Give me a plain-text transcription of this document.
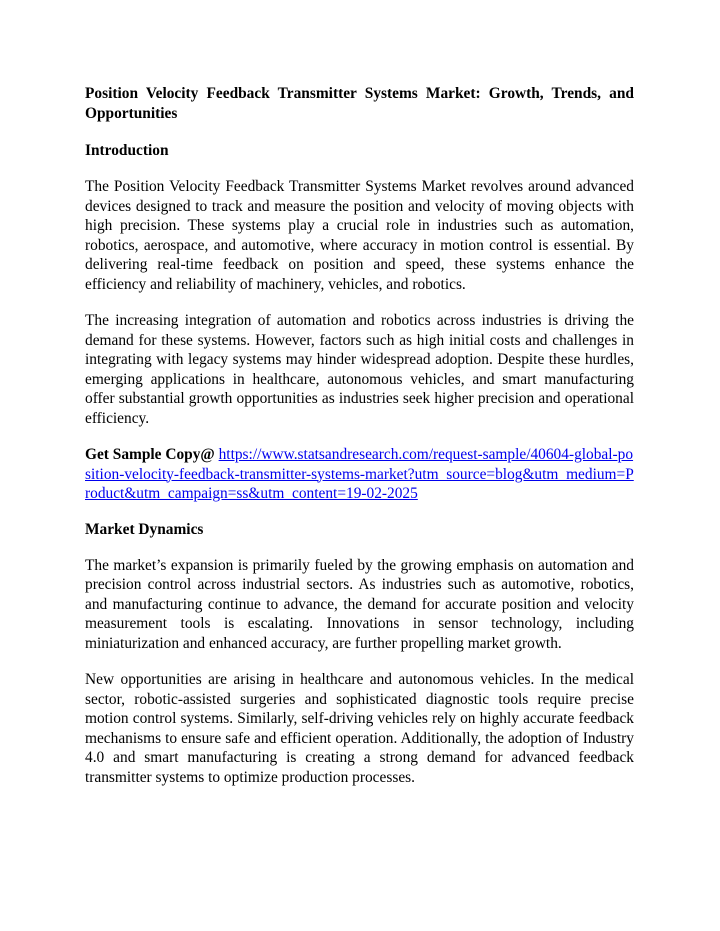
Position Velocity Feedback Transmitter Systems Market: Growth, Trends, and Opportunities
Introduction

The Position Velocity Feedback Transmitter Systems Market revolves around advanced devices designed to track and measure the position and velocity of moving objects with high precision. These systems play a crucial role in industries such as automation, robotics, aerospace, and automotive, where accuracy in motion control is essential. By delivering real-time feedback on position and speed, these systems enhance the efficiency and reliability of machinery, vehicles, and robotics.

The increasing integration of automation and robotics across industries is driving the demand for these systems. However, factors such as high initial costs and challenges in integrating with legacy systems may hinder widespread adoption. Despite these hurdles, emerging applications in healthcare, autonomous vehicles, and smart manufacturing offer substantial growth opportunities as industries seek higher precision and operational efficiency.

Get Sample Copy@ https://www.statsandresearch.com/request-sample/40604-global-position-velocity-feedback-transmitter-systems-market?utm_source=blog&utm_medium=Product&utm_campaign=ss&utm_content=19-02-2025

Market Dynamics

The market’s expansion is primarily fueled by the growing emphasis on automation and precision control across industrial sectors. As industries such as automotive, robotics, and manufacturing continue to advance, the demand for accurate position and velocity measurement tools is escalating. Innovations in sensor technology, including miniaturization and enhanced accuracy, are further propelling market growth.

New opportunities are arising in healthcare and autonomous vehicles. In the medical sector, robotic-assisted surgeries and sophisticated diagnostic tools require precise motion control systems. Similarly, self-driving vehicles rely on highly accurate feedback mechanisms to ensure safe and efficient operation. Additionally, the adoption of Industry 4.0 and smart manufacturing is creating a strong demand for advanced feedback transmitter systems to optimize production processes.
